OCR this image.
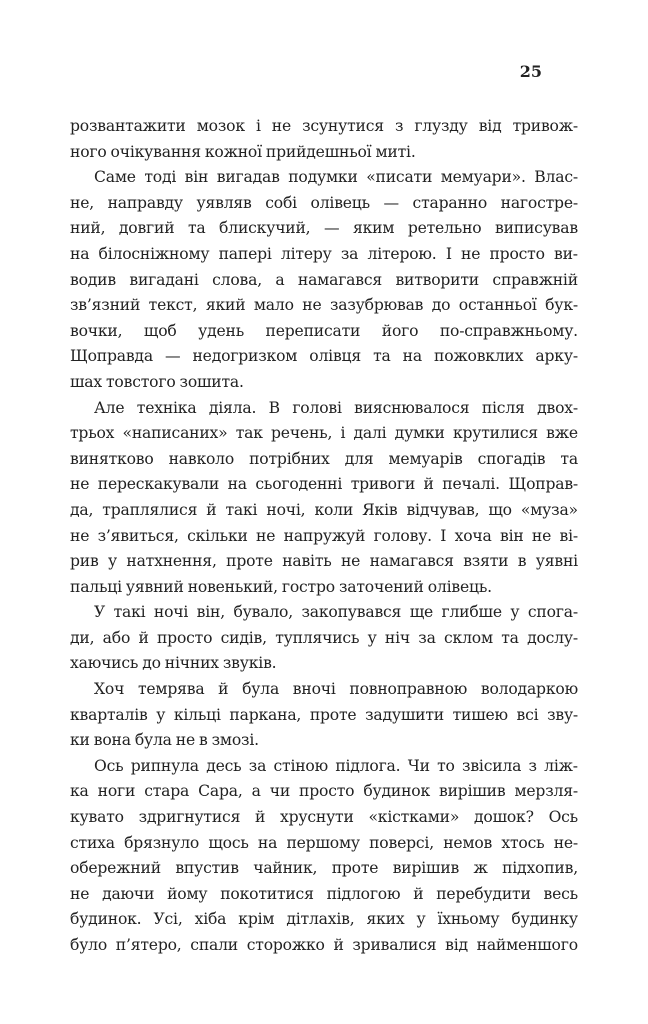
25
розвантажити мозок і не зсунутися з глузду від тривож-
ного очікування кожної прийдешньої миті.
Саме тоді він вигадав подумки «писати мемуари». Влас-
не, направду уявляв собі олівець — старанно нагостре-
ний, довгий та блискучий, — яким ретельно виписував
на білосніжному папері літеру за літерою. І не просто ви-
водив вигадані слова, а намагався витворити справжній
зв’язний текст, який мало не зазубрював до останньої бук-
вочки, щоб удень переписати його по-справжньому.
Щоправда — недогризком олівця та на пожовклих арку-
шах товстого зошита.
Але техніка діяла. В голові вияснювалося після двох-
трьох «написаних» так речень, і далі думки крутилися вже
винятково навколо потрібних для мемуарів спогадів та
не перескакували на сьогоденні тривоги й печалі. Щоправ-
да, траплялися й такі ночі, коли Яків відчував, що «муза»
не з’явиться, скільки не напружуй голову. І хоча він не ві-
рив у натхнення, проте навіть не намагався взяти в уявні
пальці уявний новенький, гостро заточений олівець.
У такі ночі він, бувало, закопувався ще глибше у спога-
ди, або й просто сидів, туплячись у ніч за склом та дослу-
хаючись до нічних звуків.
Хоч темрява й була вночі повноправною володаркою
кварталів у кільці паркана, проте задушити тишею всі зву-
ки вона була не в змозі.
Ось рипнула десь за стіною підлога. Чи то звісила з ліж-
ка ноги стара Сара, а чи просто будинок вирішив мерзля-
кувато здригнутися й хруснути «кістками» дошок? Ось
стиха брязнуло щось на першому поверсі, немов хтось не-
обережний впустив чайник, проте вирішив ж підхопив,
не даючи йому покотитися підлогою й перебудити весь
будинок. Усі, хіба крім дітлахів, яких у їхньому будинку
було п’ятеро, спали сторожко й зривалися від найменшого
